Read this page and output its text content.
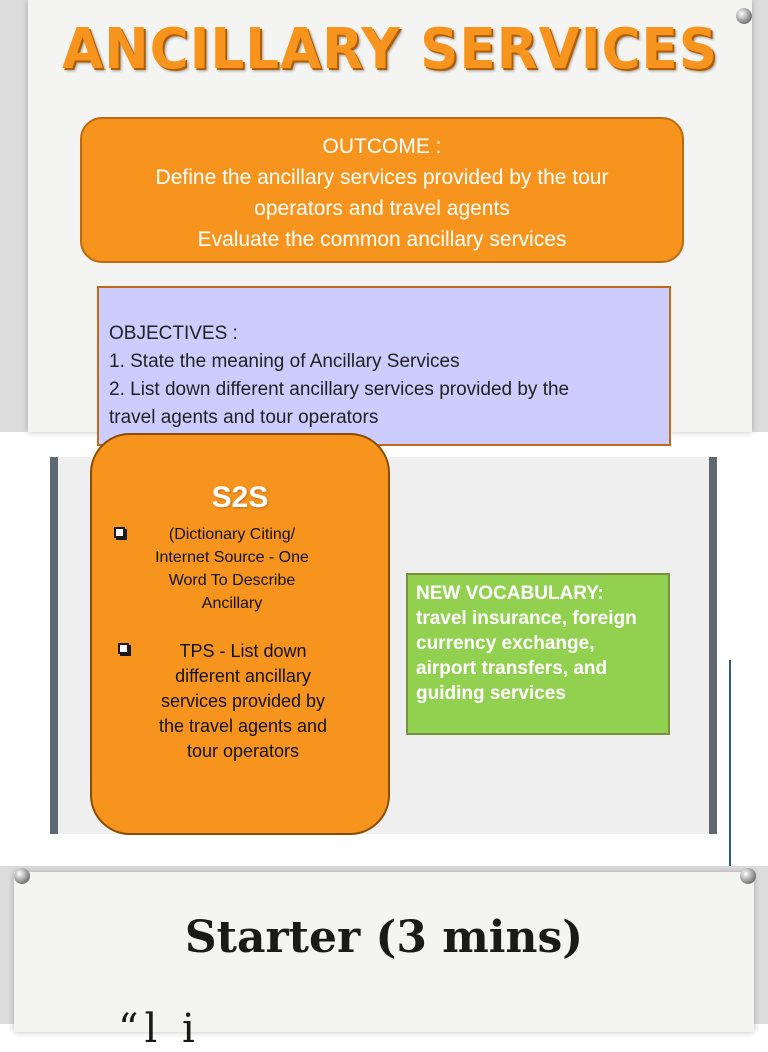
ANCILLARY SERVICES
OUTCOME :
Define the ancillary services provided by the tour
operators and travel agents
Evaluate the common ancillary services
OBJECTIVES :
1. State the meaning of Ancillary Services
2. List down different ancillary services provided by the
travel agents and tour operators
S2S
(Dictionary Citing/
Internet Source - One
Word To Describe
Ancillary
TPS - List down
different ancillary
services provided by
the travel agents and
tour operators
NEW VOCABULARY:
travel insurance, foreign
currency exchange,
airport transfers, and
guiding services
Starter (3 mins)
“l i
